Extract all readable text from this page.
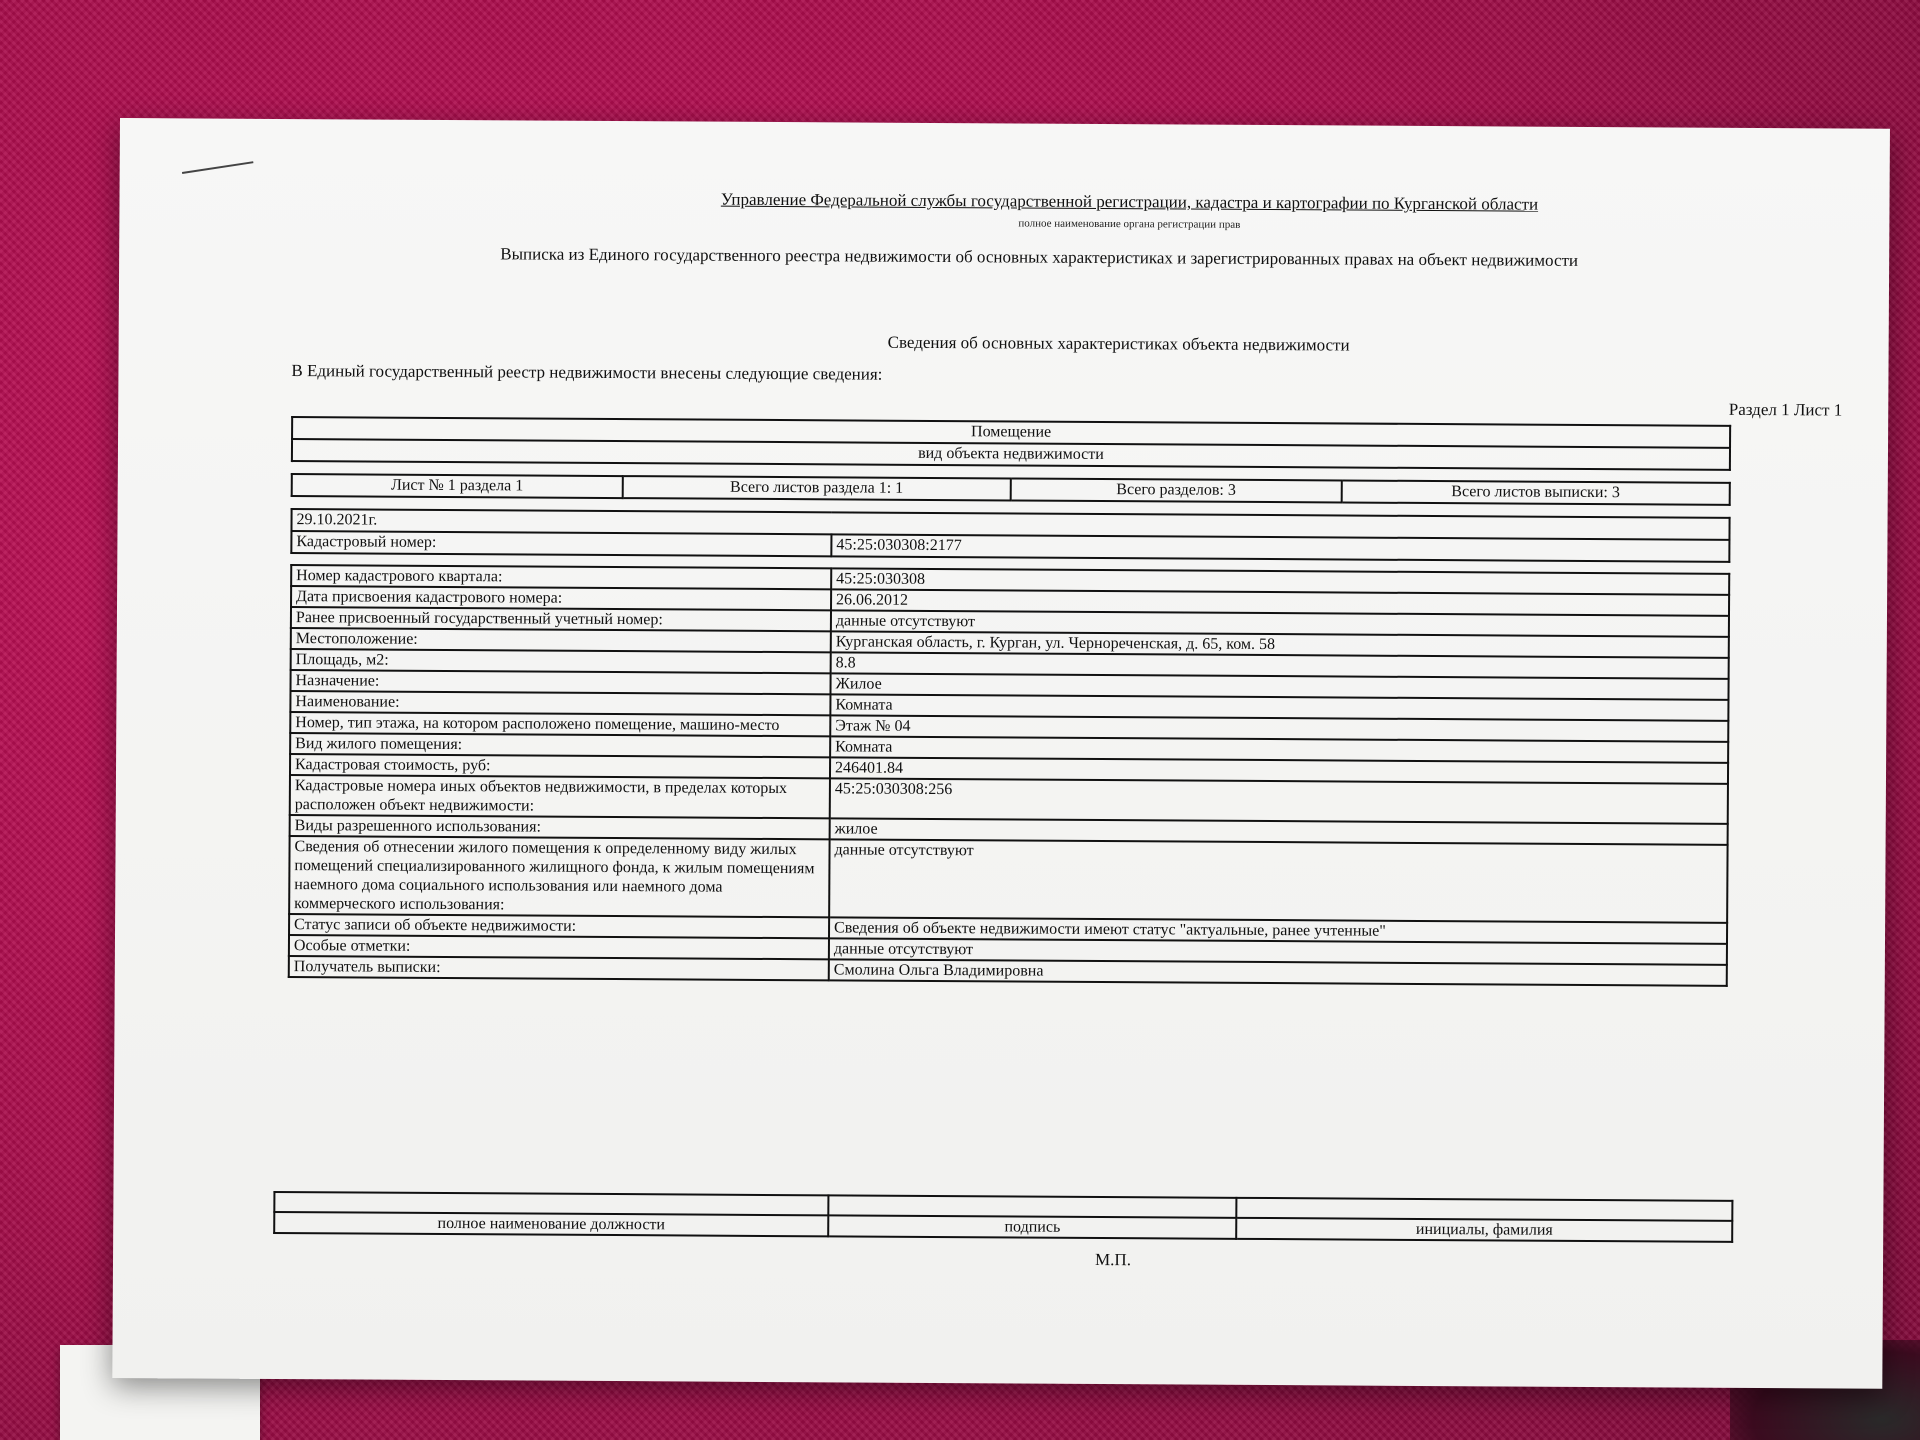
Управление Федеральной службы государственной регистрации, кадастра и картографии по Курганской области
полное наименование органа регистрации прав
Выписка из Единого государственного реестра недвижимости об основных характеристиках и зарегистрированных правах на объект недвижимости
Сведения об основных характеристиках объекта недвижимости
В Единый государственный реестр недвижимости внесены следующие сведения:
Раздел 1 Лист 1
Помещение
вид объекта недвижимости
Лист № 1 раздела 1	Всего листов раздела 1: 1	Всего разделов: 3	Всего листов выписки: 3
29.10.2021г.
Кадастровый номер:	45:25:030308:2177
Номер кадастрового квартала:	45:25:030308
Дата присвоения кадастрового номера:	26.06.2012
Ранее присвоенный государственный учетный номер:	данные отсутствуют
Местоположение:	Курганская область, г. Курган, ул. Чернореченская, д. 65, ком. 58
Площадь, м2:	8.8
Назначение:	Жилое
Наименование:	Комната
Номер, тип этажа, на котором расположено помещение, машино-место	Этаж № 04
Вид жилого помещения:	Комната
Кадастровая стоимость, руб:	246401.84
Кадастровые номера иных объектов недвижимости, в пределах которых расположен объект недвижимости:	45:25:030308:256
Виды разрешенного использования:	жилое
Сведения об отнесении жилого помещения к определенному виду жилых помещений специализированного жилищного фонда, к жилым помещениям наемного дома социального использования или наемного дома коммерческого использования:	данные отсутствуют
Статус записи об объекте недвижимости:	Сведения об объекте недвижимости имеют статус "актуальные, ранее учтенные"
Особые отметки:	данные отсутствуют
Получатель выписки:	Смолина Ольга Владимировна

полное наименование должности	подпись	инициалы, фамилия
М.П.
